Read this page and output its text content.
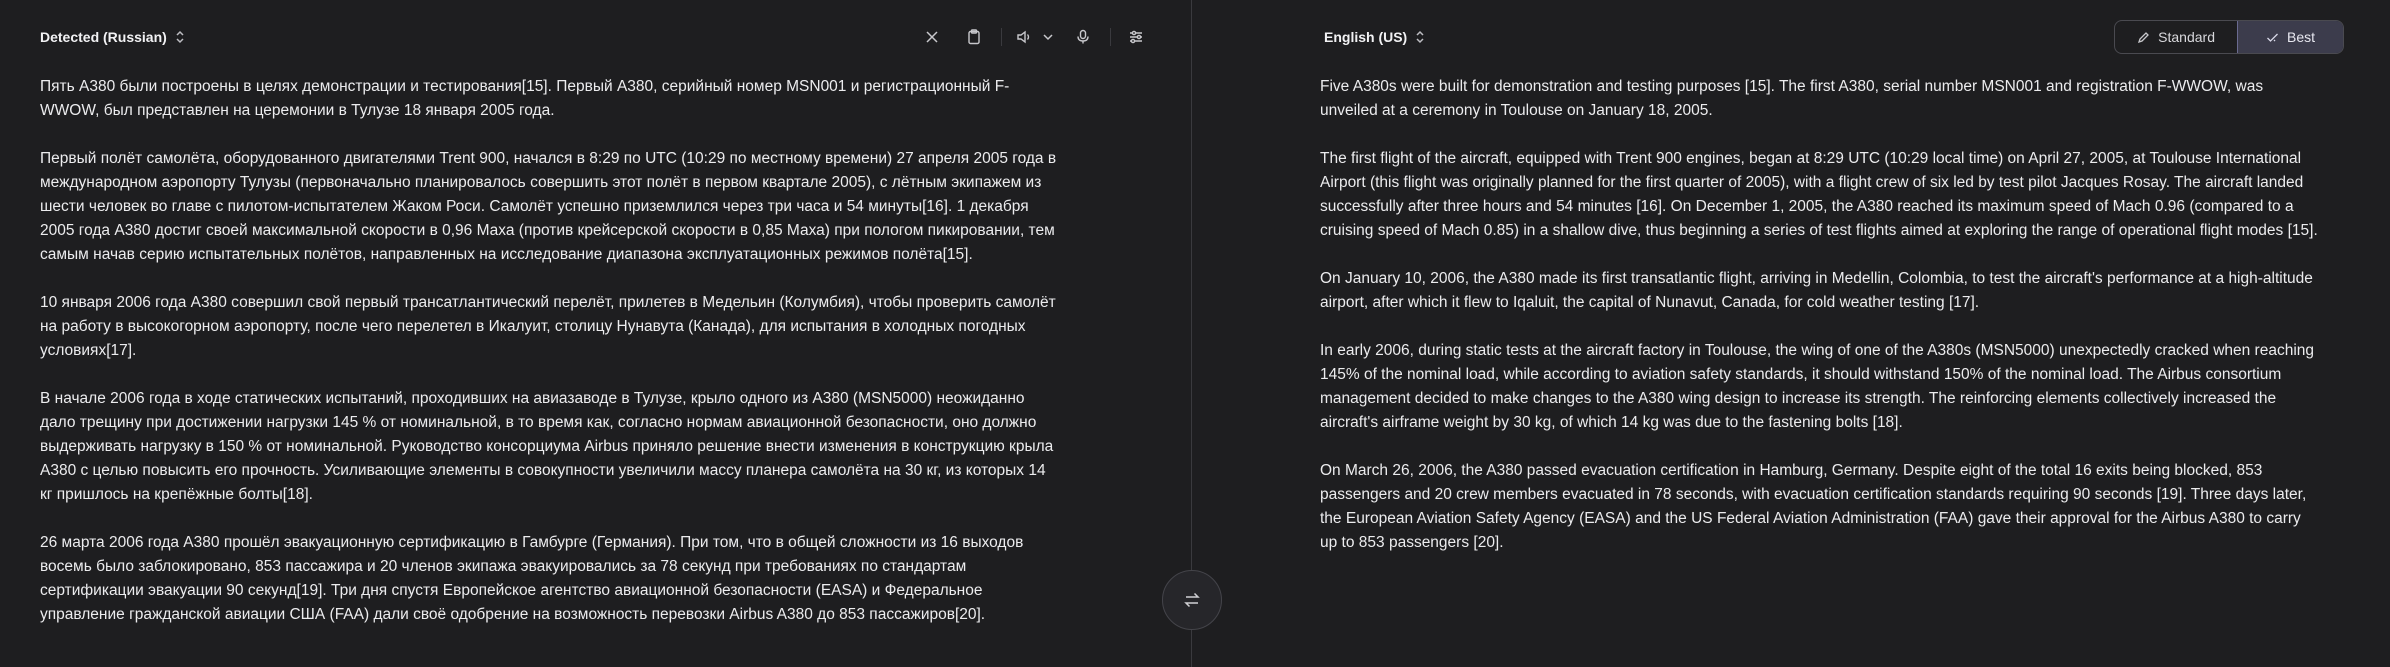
Detected (Russian)

Пять A380 были построены в целях демонстрации и тестирования[15]. Первый A380, серийный номер MSN001 и регистрационный F-WWOW, был представлен на церемонии в Тулузе 18 января 2005 года.

Первый полёт самолёта, оборудованного двигателями Trent 900, начался в 8:29 по UTC (10:29 по местному времени) 27 апреля 2005 года в международном аэропорту Тулузы (первоначально планировалось совершить этот полёт в первом квартале 2005), с лётным экипажем из шести человек во главе с пилотом-испытателем Жаком Роси. Самолёт успешно приземлился через три часа и 54 минуты[16]. 1 декабря 2005 года A380 достиг своей максимальной скорости в 0,96 Маха (против крейсерской скорости в 0,85 Маха) при пологом пикировании, тем самым начав серию испытательных полётов, направленных на исследование диапазона эксплуатационных режимов полёта[15].

10 января 2006 года A380 совершил свой первый трансатлантический перелёт, прилетев в Медельин (Колумбия), чтобы проверить самолёт на работу в высокогорном аэропорту, после чего перелетел в Икалуит, столицу Нунавута (Канада), для испытания в холодных погодных условиях[17].

В начале 2006 года в ходе статических испытаний, проходивших на авиазаводе в Тулузе, крыло одного из A380 (MSN5000) неожиданно дало трещину при достижении нагрузки 145 % от номинальной, в то время как, согласно нормам авиационной безопасности, оно должно выдерживать нагрузку в 150 % от номинальной. Руководство консорциума Airbus приняло решение внести изменения в конструкцию крыла A380 с целью повысить его прочность. Усиливающие элементы в совокупности увеличили массу планера самолёта на 30 кг, из которых 14 кг пришлось на крепёжные болты[18].

26 марта 2006 года A380 прошёл эвакуационную сертификацию в Гамбурге (Германия). При том, что в общей сложности из 16 выходов восемь было заблокировано, 853 пассажира и 20 членов экипажа эвакуировались за 78 секунд при требованиях по стандартам сертификации эвакуации 90 секунд[19]. Три дня спустя Европейское агентство авиационной безопасности (EASA) и Федеральное управление гражданской авиации США (FAA) дали своё одобрение на возможность перевозки Airbus A380 до 853 пассажиров[20].

English (US)	Standard	Best

Five A380s were built for demonstration and testing purposes [15]. The first A380, serial number MSN001 and registration F-WWOW, was unveiled at a ceremony in Toulouse on January 18, 2005.

The first flight of the aircraft, equipped with Trent 900 engines, began at 8:29 UTC (10:29 local time) on April 27, 2005, at Toulouse International Airport (this flight was originally planned for the first quarter of 2005), with a flight crew of six led by test pilot Jacques Rosay. The aircraft landed successfully after three hours and 54 minutes [16]. On December 1, 2005, the A380 reached its maximum speed of Mach 0.96 (compared to a cruising speed of Mach 0.85) in a shallow dive, thus beginning a series of test flights aimed at exploring the range of operational flight modes [15].

On January 10, 2006, the A380 made its first transatlantic flight, arriving in Medellin, Colombia, to test the aircraft's performance at a high-altitude airport, after which it flew to Iqaluit, the capital of Nunavut, Canada, for cold weather testing [17].

In early 2006, during static tests at the aircraft factory in Toulouse, the wing of one of the A380s (MSN5000) unexpectedly cracked when reaching 145% of the nominal load, while according to aviation safety standards, it should withstand 150% of the nominal load. The Airbus consortium management decided to make changes to the A380 wing design to increase its strength. The reinforcing elements collectively increased the aircraft's airframe weight by 30 kg, of which 14 kg was due to the fastening bolts [18].

On March 26, 2006, the A380 passed evacuation certification in Hamburg, Germany. Despite eight of the total 16 exits being blocked, 853 passengers and 20 crew members evacuated in 78 seconds, with evacuation certification standards requiring 90 seconds [19]. Three days later, the European Aviation Safety Agency (EASA) and the US Federal Aviation Administration (FAA) gave their approval for the Airbus A380 to carry up to 853 passengers [20].
